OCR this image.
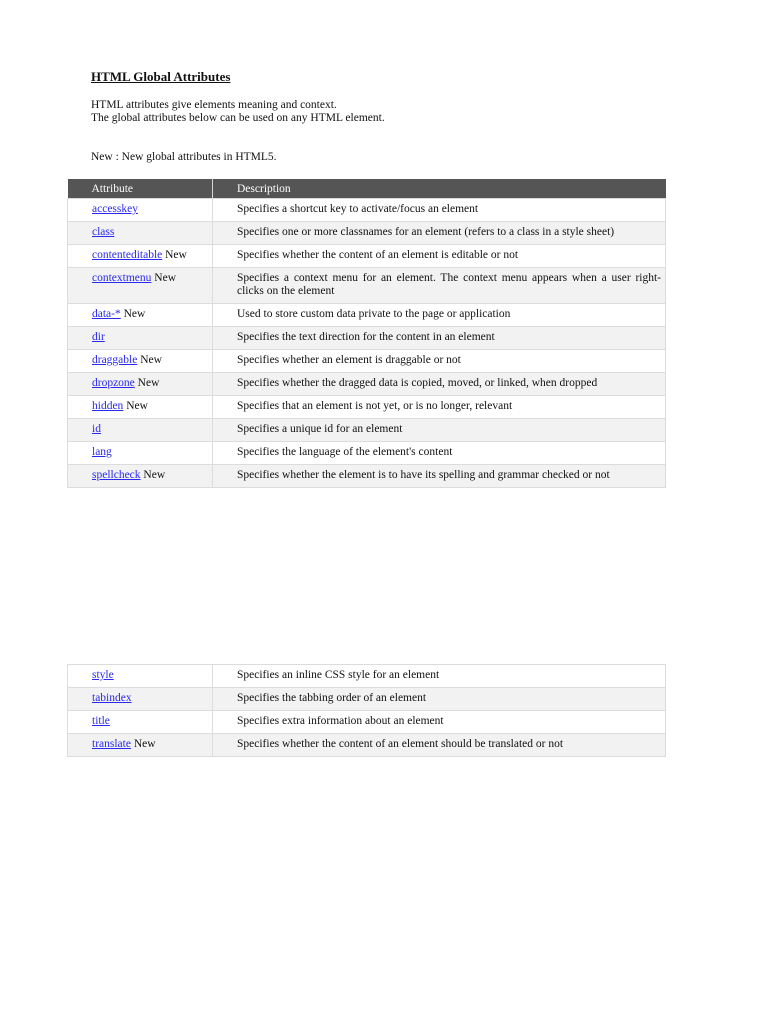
HTML Global Attributes

HTML attributes give elements meaning and context.

The global attributes below can be used on any HTML element.

New : New global attributes in HTML5.

Attribute	Description
accesskey	Specifies a shortcut key to activate/focus an element
class	Specifies one or more classnames for an element (refers to a class in a style sheet)
contenteditable New	Specifies whether the content of an element is editable or not
contextmenu New	Specifies a context menu for an element. The context menu appears when a user right-clicks on the element
data-* New	Used to store custom data private to the page or application
dir	Specifies the text direction for the content in an element
draggable New	Specifies whether an element is draggable or not
dropzone New	Specifies whether the dragged data is copied, moved, or linked, when dropped
hidden New	Specifies that an element is not yet, or is no longer, relevant
id	Specifies a unique id for an element
lang	Specifies the language of the element's content
spellcheck New	Specifies whether the element is to have its spelling and grammar checked or not
style	Specifies an inline CSS style for an element
tabindex	Specifies the tabbing order of an element
title	Specifies extra information about an element
translate New	Specifies whether the content of an element should be translated or not
